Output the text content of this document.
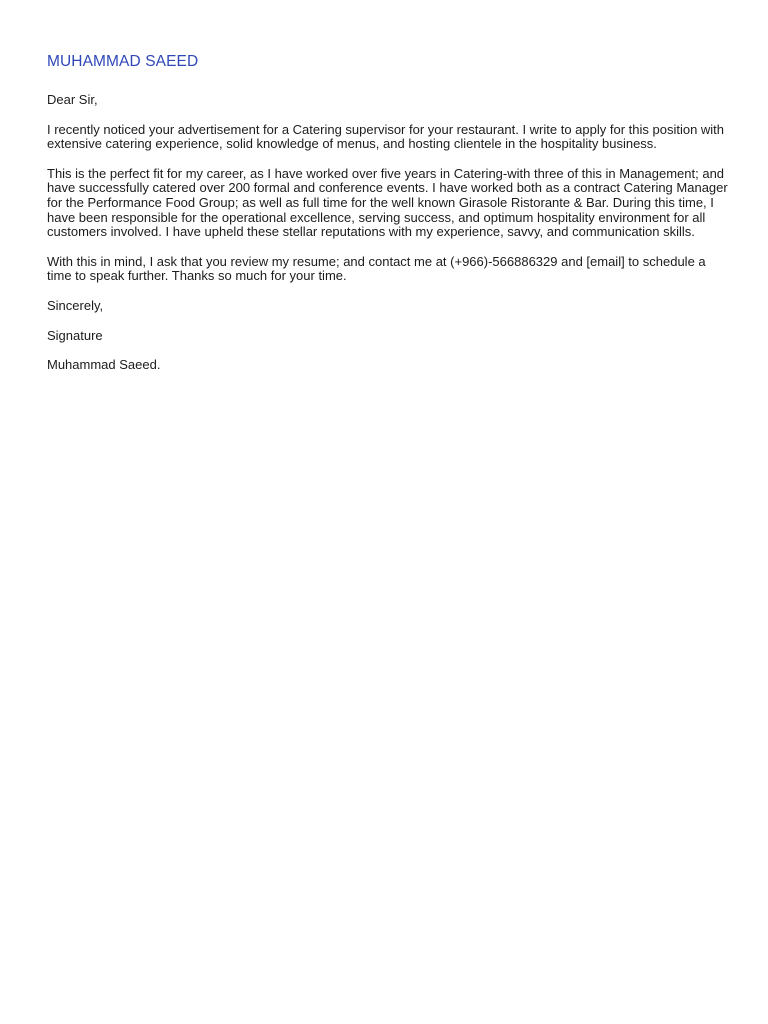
MUHAMMAD SAEED

Dear Sir,

I recently noticed your advertisement for a Catering supervisor for your restaurant. I write to apply for this position with extensive catering experience, solid knowledge of menus, and hosting clientele in the hospitality business.

This is the perfect fit for my career, as I have worked over five years in Catering-with three of this in Management; and have successfully catered over 200 formal and conference events. I have worked both as a contract Catering Manager for the Performance Food Group; as well as full time for the well known Girasole Ristorante & Bar. During this time, I have been responsible for the operational excellence, serving success, and optimum hospitality environment for all customers involved. I have upheld these stellar reputations with my experience, savvy, and communication skills.

With this in mind, I ask that you review my resume; and contact me at (+966)-566886329 and [email] to schedule a time to speak further. Thanks so much for your time.

Sincerely,

Signature

Muhammad Saeed.
